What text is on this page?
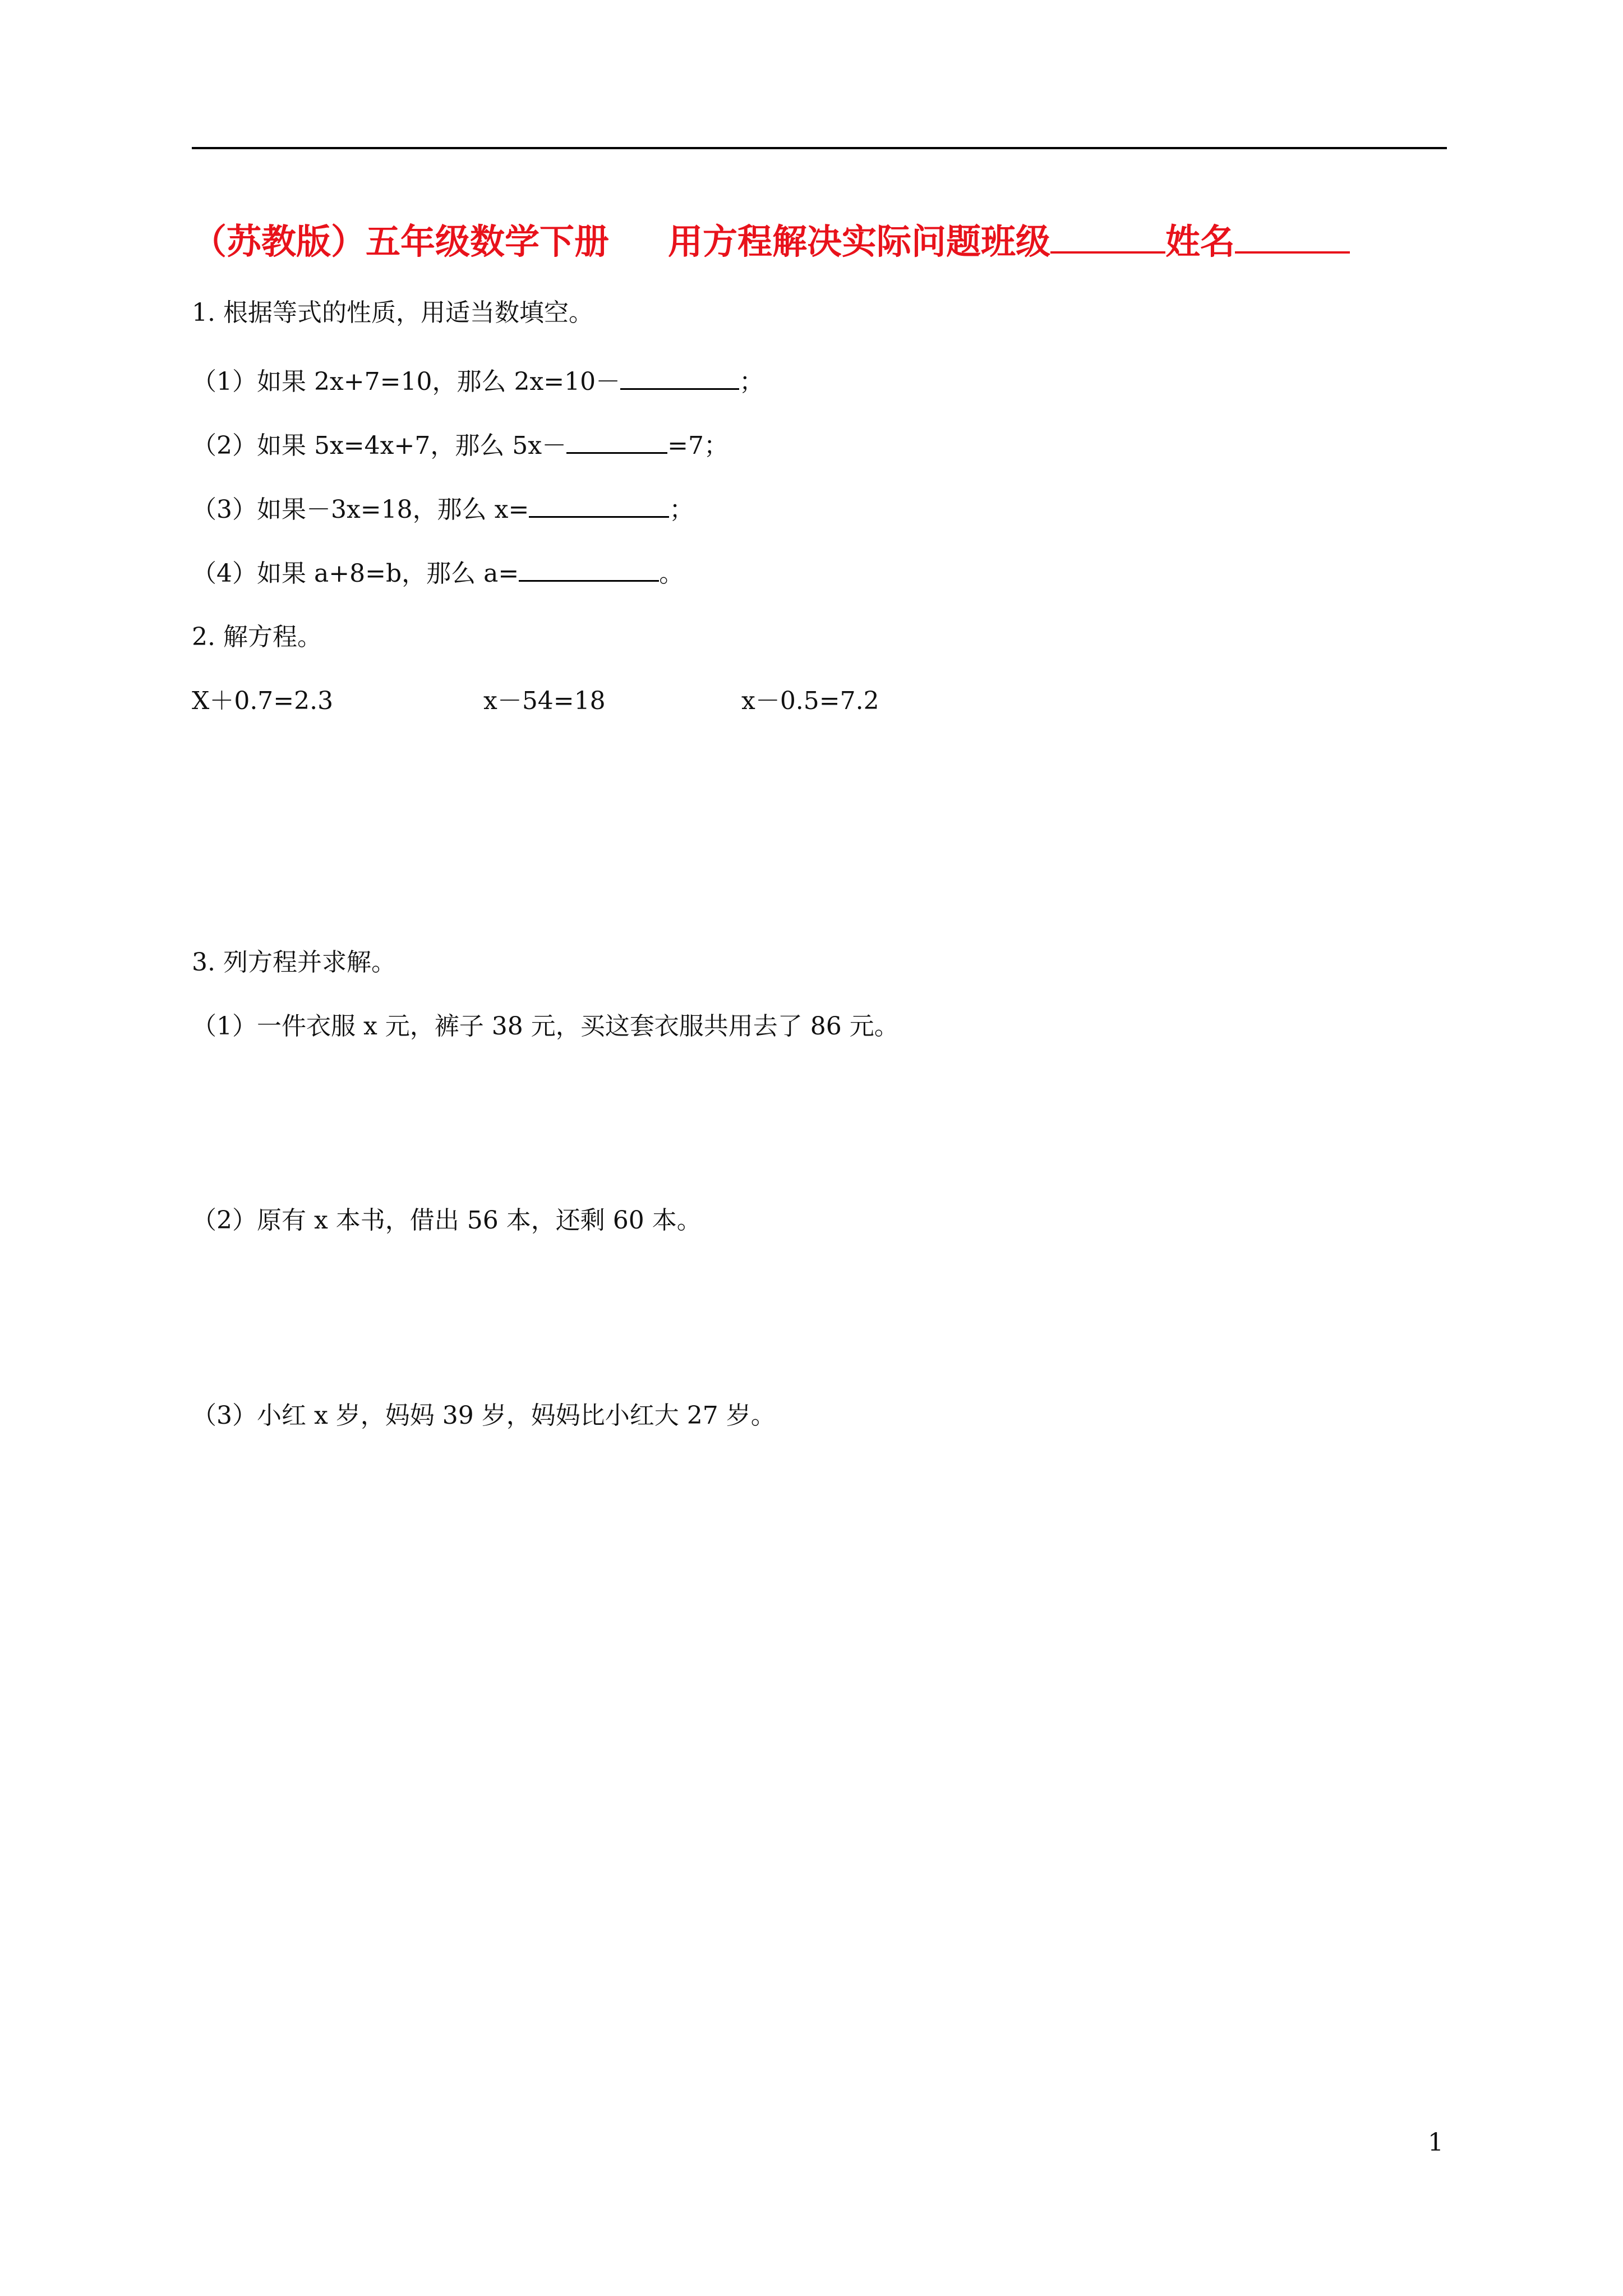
（苏教版）五年级数学下册 用方程解决实际问题班级	姓名
1. 根据等式的性质，用适当数填空。
（1）如果 2x+7=10，那么 2x=10－	；
（2）如果 5x=4x+7，那么 5x－	=7；
（3）如果－3x=18，那么 x=	；
（4）如果 a+8=b，那么 a=	。
2. 解方程。
X＋0.7=2.3	x－54=18	x－0.5=7.2
3. 列方程并求解。
（1）一件衣服 x 元，裤子 38 元，买这套衣服共用去了 86 元。
（2）原有 x 本书，借出 56 本，还剩 60 本。
（3）小红 x 岁，妈妈 39 岁，妈妈比小红大 27 岁。
1
